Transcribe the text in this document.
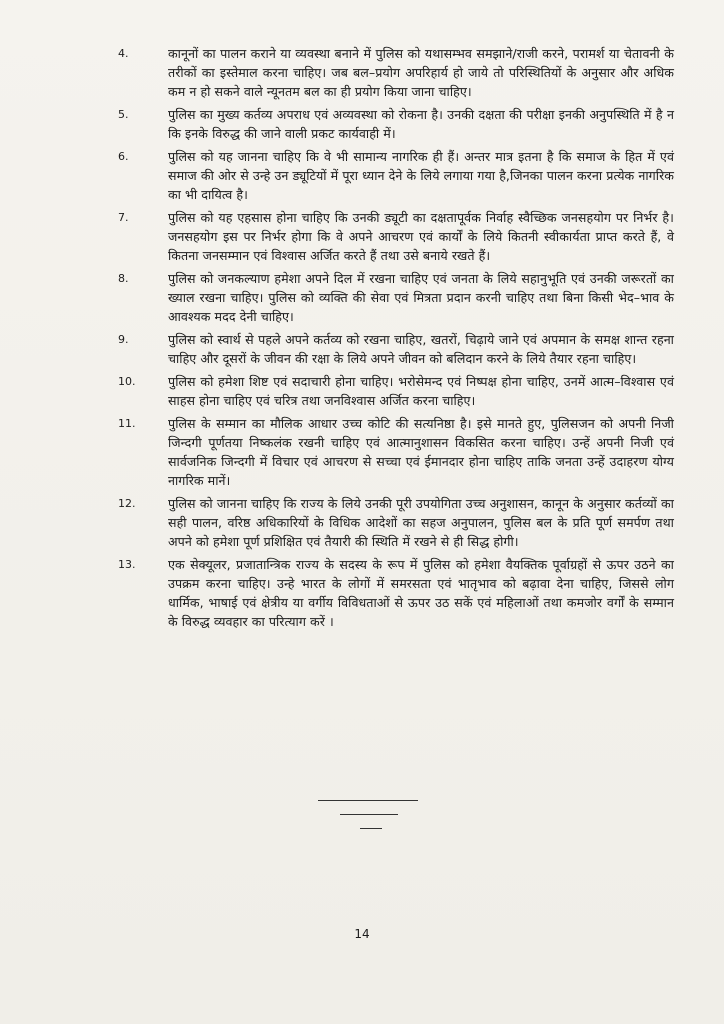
4.	कानूनों का पालन कराने या व्यवस्था बनाने में पुलिस को यथासम्भव समझाने/राजी करने, परामर्श या चेतावनी के तरीकों का इस्तेमाल करना चाहिए। जब बल–प्रयोग अपरिहार्य हो जाये तो परिस्थितियों के अनुसार और अधिक कम न हो सकने वाले न्यूनतम बल का ही प्रयोग किया जाना चाहिए।
5.	पुलिस का मुख्य कर्तव्य अपराध एवं अव्यवस्था को रोकना है। उनकी दक्षता की परीक्षा इनकी अनुपस्थिति में है न कि इनके विरुद्ध की जाने वाली प्रकट कार्यवाही में।
6.	पुलिस को यह जानना चाहिए कि वे भी सामान्य नागरिक ही हैं। अन्तर मात्र इतना है कि समाज के हित में एवं समाज की ओर से उन्हे उन ड्यूटियों में पूरा ध्यान देने के लिये लगाया गया है,जिनका पालन करना प्रत्येक नागरिक का भी दायित्व है।
7.	पुलिस को यह एहसास होना चाहिए कि उनकी ड्यूटी का दक्षतापूर्वक निर्वाह स्वैच्छिक जनसहयोग पर निर्भर है। जनसहयोग इस पर निर्भर होगा कि वे अपने आचरण एवं कार्यों के लिये कितनी स्वीकार्यता प्राप्त करते हैं, वे कितना जनसम्मान एवं विश्वास अर्जित करते हैं तथा उसे बनाये रखते हैं।
8.	पुलिस को जनकल्याण हमेशा अपने दिल में रखना चाहिए एवं जनता के लिये सहानुभूति एवं उनकी जरूरतों का ख्याल रखना चाहिए। पुलिस को व्यक्ति की सेवा एवं मित्रता प्रदान करनी चाहिए तथा बिना किसी भेद–भाव के आवश्यक मदद देनी चाहिए।
9.	पुलिस को स्वार्थ से पहले अपने कर्तव्य को रखना चाहिए, खतरों, चिढ़ाये जाने एवं अपमान के समक्ष शान्त रहना चाहिए और दूसरों के जीवन की रक्षा के लिये अपने जीवन को बलिदान करने के लिये तैयार रहना चाहिए।
10.	पुलिस को हमेशा शिष्ट एवं सदाचारी होना चाहिए। भरोसेमन्द एवं निष्पक्ष होना चाहिए, उनमें आत्म–विश्वास एवं साहस होना चाहिए एवं चरित्र तथा जनविश्वास अर्जित करना चाहिए।
11.	पुलिस के सम्मान का मौलिक आधार उच्च कोटि की सत्यनिष्ठा है। इसे मानते हुए, पुलिसजन को अपनी निजी जिन्दगी पूर्णतया निष्कलंक रखनी चाहिए एवं आत्मानुशासन विकसित करना चाहिए। उन्हें अपनी निजी एवं सार्वजनिक जिन्दगी में विचार एवं आचरण से सच्चा एवं ईमानदार होना चाहिए ताकि जनता उन्हें उदाहरण योग्य नागरिक मानें।
12.	पुलिस को जानना चाहिए कि राज्य के लिये उनकी पूरी उपयोगिता उच्च अनुशासन, कानून के अनुसार कर्तव्यों का सही पालन, वरिष्ठ अधिकारियों के विधिक आदेशों का सहज अनुपालन, पुलिस बल के प्रति पूर्ण समर्पण तथा अपने को हमेशा पूर्ण प्रशिक्षित एवं तैयारी की स्थिति में रखने से ही सिद्ध होगी।
13.	एक सेक्यूलर, प्रजातान्त्रिक राज्य के सदस्य के रूप में पुलिस को हमेशा वैयक्तिक पूर्वाग्रहों से ऊपर उठने का उपक्रम करना चाहिए। उन्हे भारत के लोगों में समरसता एवं भातृभाव को बढ़ावा देना चाहिए, जिससे लोग धार्मिक, भाषाई एवं क्षेत्रीय या वर्गीय विविधताओं से ऊपर उठ सकें एवं महिलाओं तथा कमजोर वर्गों के सम्मान के विरुद्ध व्यवहार का परित्याग करें ।
14
